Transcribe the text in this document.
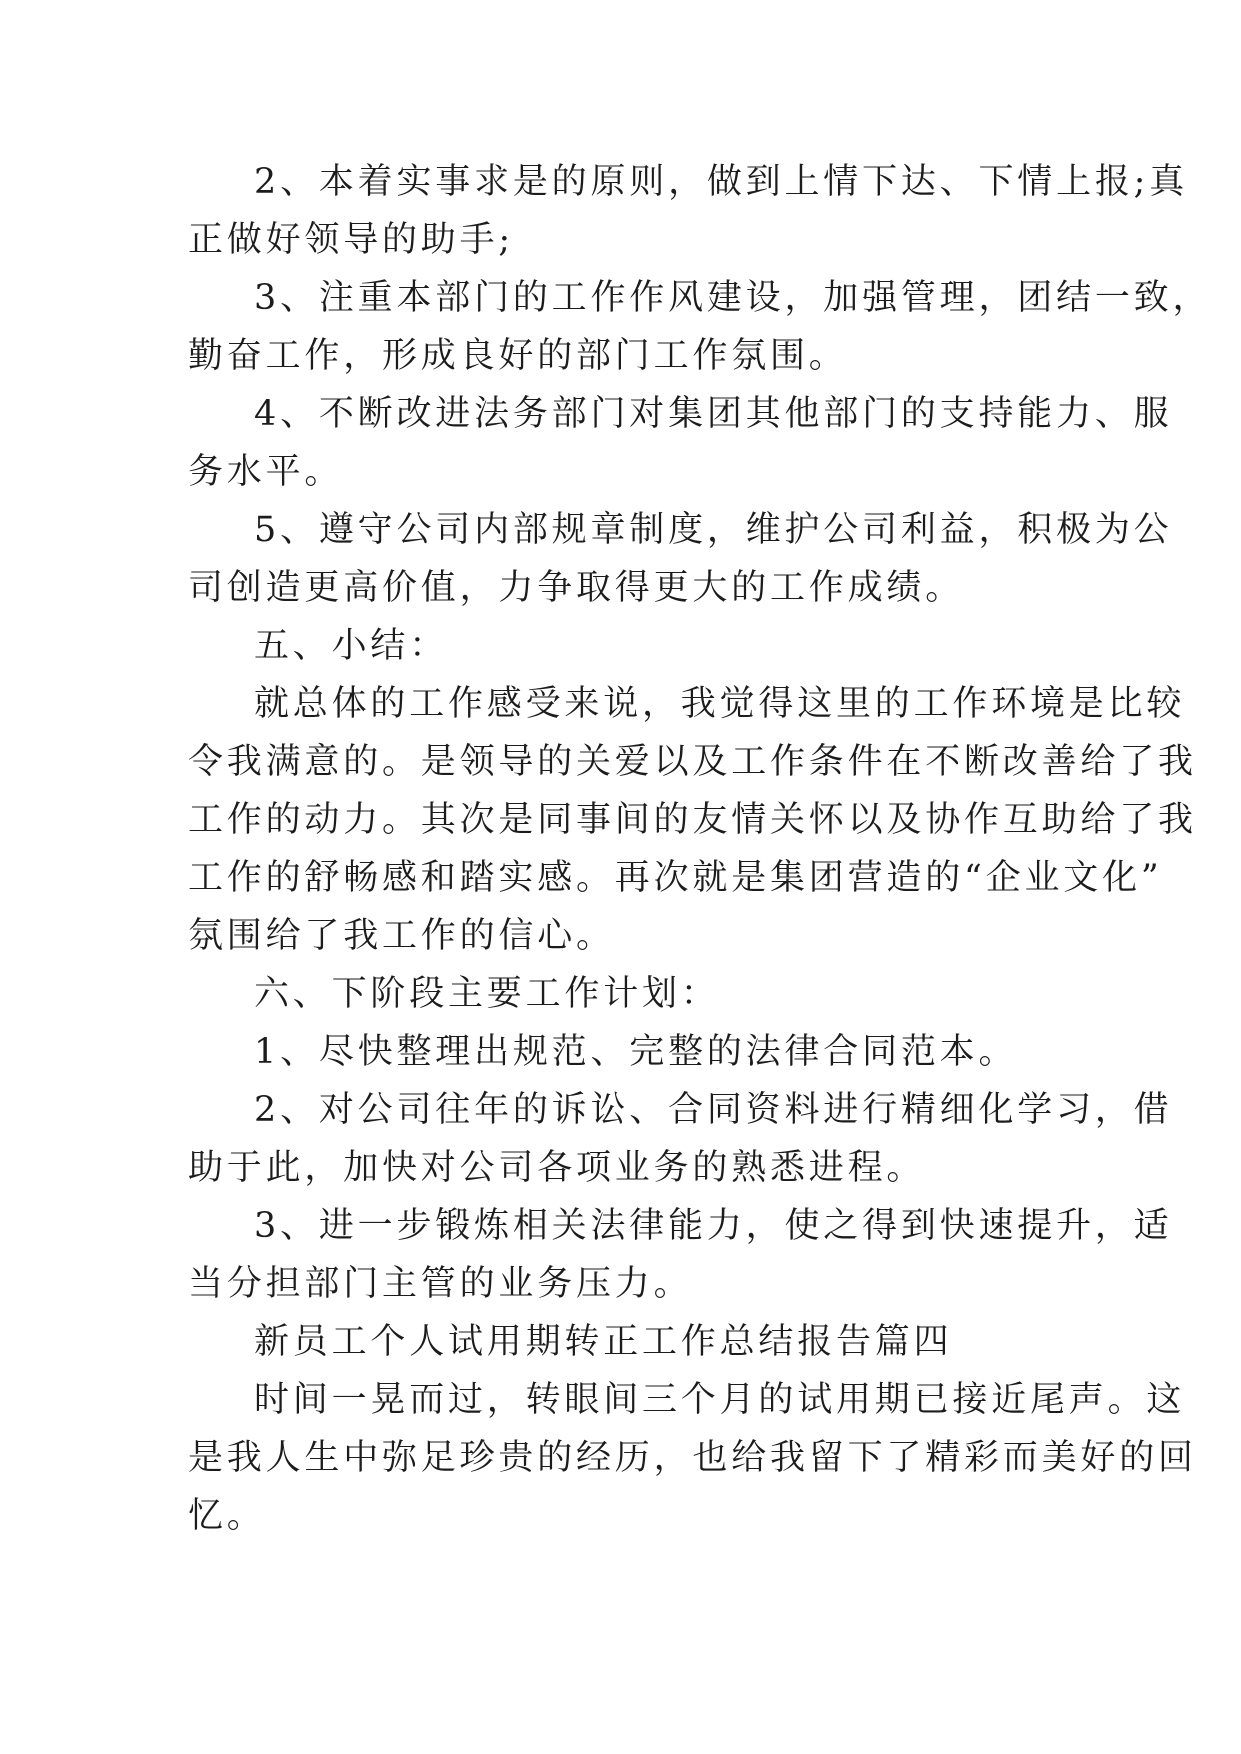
2、本着实事求是的原则，做到上情下达、下情上报;真
正做好领导的助手;
3、注重本部门的工作作风建设，加强管理，团结一致，
勤奋工作，形成良好的部门工作氛围。
4、不断改进法务部门对集团其他部门的支持能力、服
务水平。
5、遵守公司内部规章制度，维护公司利益，积极为公
司创造更高价值，力争取得更大的工作成绩。
五、小结：
就总体的工作感受来说，我觉得这里的工作环境是比较
令我满意的。是领导的关爱以及工作条件在不断改善给了我
工作的动力。其次是同事间的友情关怀以及协作互助给了我
工作的舒畅感和踏实感。再次就是集团营造的“企业文化”
氛围给了我工作的信心。
六、下阶段主要工作计划：
1、尽快整理出规范、完整的法律合同范本。
2、对公司往年的诉讼、合同资料进行精细化学习，借
助于此，加快对公司各项业务的熟悉进程。
3、进一步锻炼相关法律能力，使之得到快速提升，适
当分担部门主管的业务压力。
新员工个人试用期转正工作总结报告篇四
时间一晃而过，转眼间三个月的试用期已接近尾声。这
是我人生中弥足珍贵的经历，也给我留下了精彩而美好的回
忆。
